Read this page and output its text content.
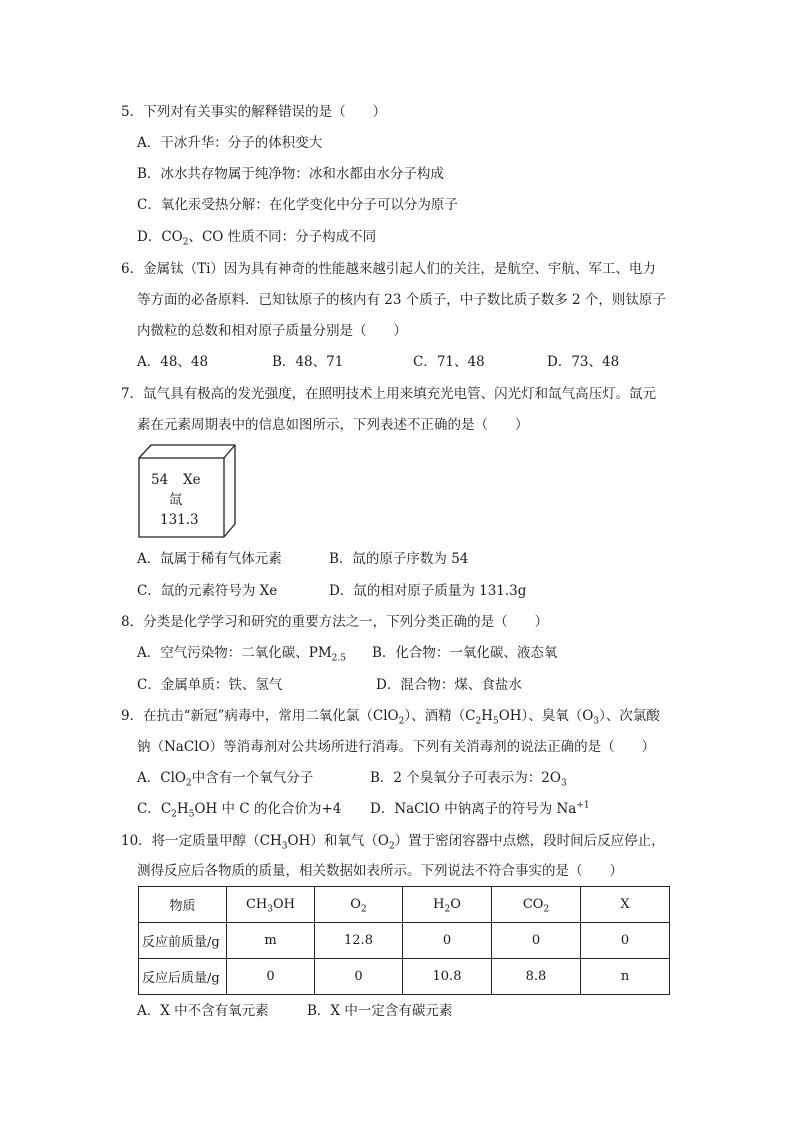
5．下列对有关事实的解释错误的是（　　）
A．干冰升华：分子的体积变大
B．冰水共存物属于纯净物：冰和水都由水分子构成
C．氧化汞受热分解：在化学变化中分子可以分为原子
D．$CO_2$、CO 性质不同：分子构成不同
6．金属钛（Ti）因为具有神奇的性能越来越引起人们的关注，是航空、宇航、军工、电力
等方面的必备原料．已知钛原子的核内有 23 个质子，中子数比质子数多 2 个，则钛原子
内微粒的总数和相对原子质量分别是（　　）
A．48、48	B．48、71	C．71、48	D．73、48
7．氙气具有极高的发光强度，在照明技术上用来填充光电管、闪光灯和氙气高压灯。氙元
素在元素周期表中的信息如图所示，下列表述不正确的是（　　）
54 Xe
氙
131.3
A．氙属于稀有气体元素	B．氙的原子序数为 54
C．氙的元素符号为 Xe	D．氙的相对原子质量为 131.3g
8．分类是化学学习和研究的重要方法之一，下列分类正确的是（　　）
A．空气污染物：二氧化碳、$PM_{2.5}$ B．化合物：一氧化碳、液态氧
C．金属单质：铁、氢气	D．混合物：煤、食盐水
9．在抗击“新冠”病毒中，常用二氧化氯（ClO$_2$）、酒精$(C_2H_5OH)$、臭氧$(O_3)$、次氯酸
钠（NaClO）等消毒剂对公共场所进行消毒。下列有关消毒剂的说法正确的是（　　）
A．ClO$_2$中含有一个氧气分子	B．2 个臭氧分子可表示为：$2O_3$
C．$C_2H_5OH$ 中 C 的化合价为+4 D．NaClO 中钠离子的符号为 $Na^{+1}$
10．将一定质量甲醇$(CH_3OH)$和氧气$(O_2)$置于密闭容器中点燃，段时间后反应停止，
测得反应后各物质的质量，相关数据如表所示。下列说法不符合事实的是（　　）
物质	$CH_3OH$	$O_2$	$H_2O$	$CO_2$	X
反应前质量/g	m	12.8	0	0	0
反应后质量/g	0	0	10.8	8.8	n
A．X 中不含有氧元素	B．X 中一定含有碳元素
